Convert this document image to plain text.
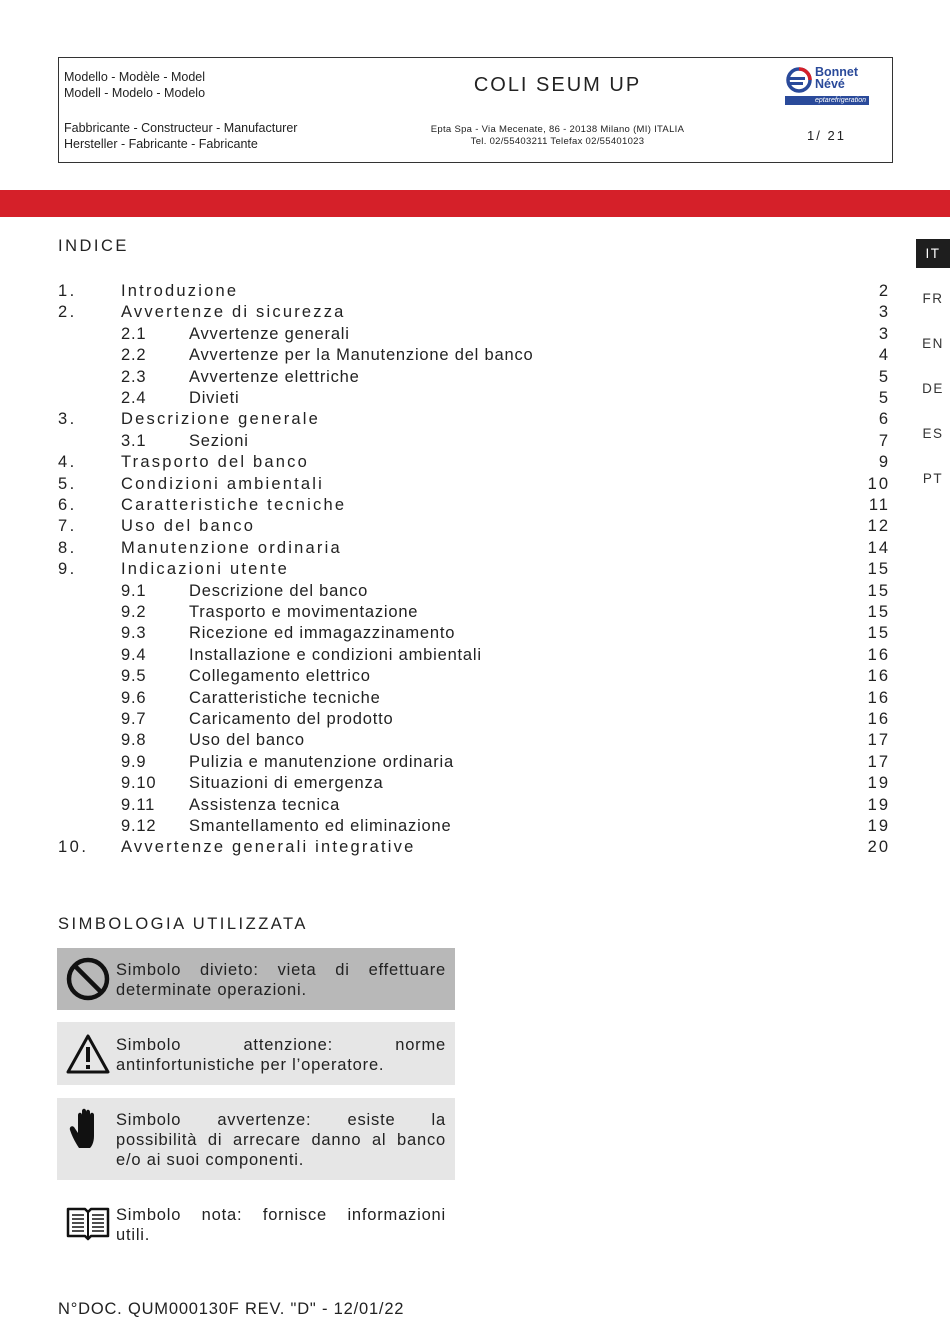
Modello - Modèle - Model
Modell - Modelo - Modelo	COLI SEUM UP
Bonnet
Névé
eptarefrigeration
Fabbricante - Constructeur - Manufacturer
Hersteller - Fabricante - Fabricante
Epta Spa - Via Mecenate, 86 - 20138 Milano (MI) ITALIA
Tel. 02/55403211 Telefax 02/55401023	1/ 21
IT
FR
EN
DE
ES
PT
INDICE
1.	Introduzione	2
2.	Avvertenze di sicurezza	3
2.1	Avvertenze generali	3
2.2	Avvertenze per la Manutenzione del banco	4
2.3	Avvertenze elettriche	5
2.4	Divieti	5
3.	Descrizione generale	6
3.1	Sezioni	7
4.	Trasporto del banco	9
5.	Condizioni ambientali	10
6.	Caratteristiche tecniche	11
7.	Uso del banco	12
8.	Manutenzione ordinaria	14
9.	Indicazioni utente	15
9.1	Descrizione del banco	15
9.2	Trasporto e movimentazione	15
9.3	Ricezione ed immagazzinamento	15
9.4	Installazione e condizioni ambientali	16
9.5	Collegamento elettrico	16
9.6	Caratteristiche tecniche	16
9.7	Caricamento del prodotto	16
9.8	Uso del banco	17
9.9	Pulizia e manutenzione ordinaria	17
9.10 Situazioni di emergenza	19
9.11 Assistenza tecnica	19
9.12 Smantellamento ed eliminazione	19
10. Avvertenze generali integrative	20
SIMBOLOGIA UTILIZZATA
Simbolo divieto: vieta di effettuare
determinate operazioni.
Simbolo attenzione: norme
antinfortunistiche per l’operatore.
Simbolo avvertenze: esiste la
possibilità di arrecare danno al banco
e/o ai suoi componenti.
Simbolo nota: fornisce informazioni
utili.
N°DOC. QUM000130F REV. "D" - 12/01/22
